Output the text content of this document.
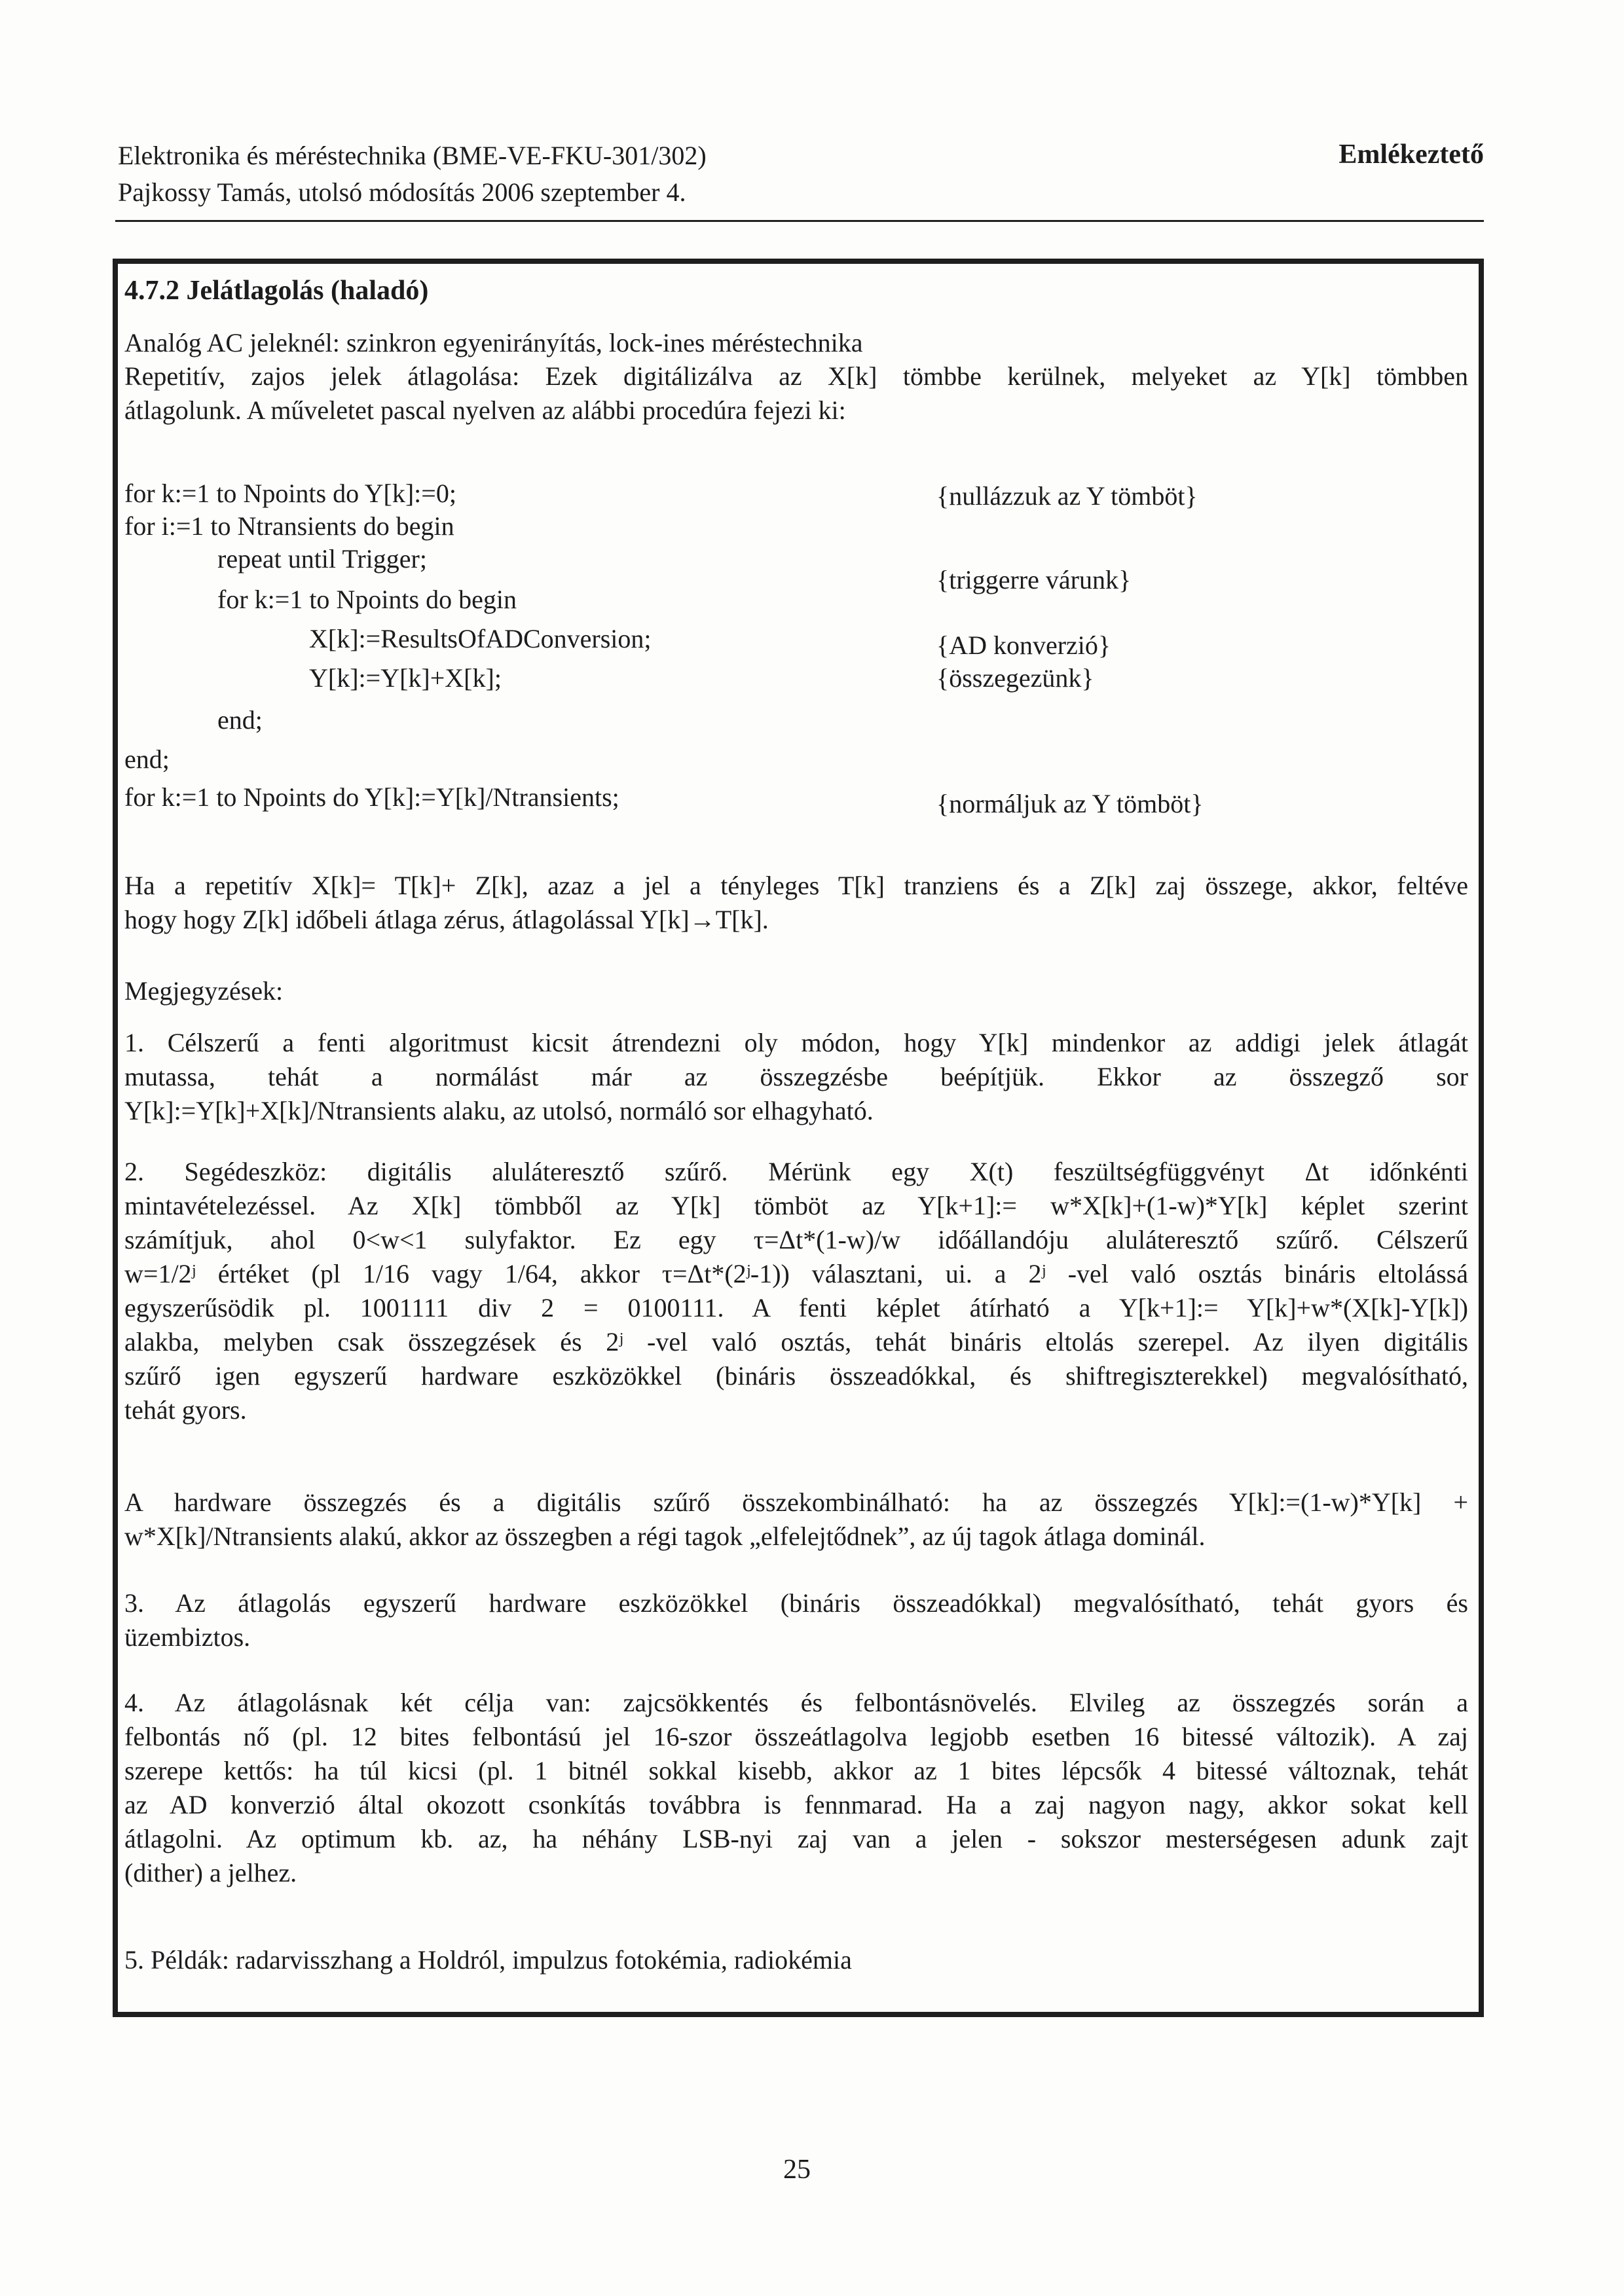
Elektronika és méréstechnika (BME-VE-FKU-301/302)
Pajkossy Tamás, utolsó módosítás 2006 szeptember 4.
Emlékeztető
4.7.2 Jelátlagolás (haladó)
Analóg AC jeleknél: szinkron egyenirányítás, lock-ines méréstechnika
Repetitív, zajos jelek átlagolása: Ezek digitálizálva az X[k] tömbbe kerülnek, melyeket az Y[k] tömbben
átlagolunk. A műveletet pascal nyelven az alábbi procedúra fejezi ki:
for k:=1 to Npoints do Y[k]:=0;	{nullázzuk az Y tömböt}
for i:=1 to Ntransients do begin
repeat until Trigger;
{triggerre várunk}
for k:=1 to Npoints do begin
X[k]:=ResultsOfADConversion;	{AD konverzió}
Y[k]:=Y[k]+X[k];	{összegezünk}
end;
end;
for k:=1 to Npoints do Y[k]:=Y[k]/Ntransients;	{normáljuk az Y tömböt}
Ha a repetitív X[k]= T[k]+ Z[k], azaz a jel a tényleges T[k] tranziens és a Z[k] zaj összege, akkor, feltéve
hogy hogy Z[k] időbeli átlaga zérus, átlagolással Y[k]→T[k].
Megjegyzések:
1. Célszerű a fenti algoritmust kicsit átrendezni oly módon, hogy Y[k] mindenkor az addigi jelek átlagát
mutassa, tehát a normálást már az összegzésbe beépítjük. Ekkor az összegző sor
Y[k]:=Y[k]+X[k]/Ntransients alaku, az utolsó, normáló sor elhagyható.
2. Segédeszköz: digitális aluláteresztő szűrő. Mérünk egy X(t) feszültségfüggvényt Δt időnkénti
mintavételezéssel. Az X[k] tömbből az Y[k] tömböt az Y[k+1]:= w*X[k]+(1-w)*Y[k] képlet szerint
számítjuk, ahol 0<w<1 sulyfaktor. Ez egy τ=Δt*(1-w)/w időállandóju aluláteresztő szűrő. Célszerű
w=1/2ʲ értéket (pl 1/16 vagy 1/64, akkor τ=Δt*(2ʲ-1)) választani, ui. a 2ʲ -vel való osztás bináris eltolássá
egyszerűsödik pl. 1001111 div 2 = 0100111. A fenti képlet átírható a Y[k+1]:= Y[k]+w*(X[k]-Y[k])
alakba, melyben csak összegzések és 2ʲ -vel való osztás, tehát bináris eltolás szerepel. Az ilyen digitális
szűrő igen egyszerű hardware eszközökkel (bináris összeadókkal, és shiftregiszterekkel) megvalósítható,
tehát gyors.
A hardware összegzés és a digitális szűrő összekombinálható: ha az összegzés Y[k]:=(1-w)*Y[k] +
w*X[k]/Ntransients alakú, akkor az összegben a régi tagok „elfelejtődnek”, az új tagok átlaga dominál.
3. Az átlagolás egyszerű hardware eszközökkel (bináris összeadókkal) megvalósítható, tehát gyors és
üzembiztos.
4. Az átlagolásnak két célja van: zajcsökkentés és felbontásnövelés. Elvileg az összegzés során a
felbontás nő (pl. 12 bites felbontású jel 16-szor összeátlagolva legjobb esetben 16 bitessé változik). A zaj
szerepe kettős: ha túl kicsi (pl. 1 bitnél sokkal kisebb, akkor az 1 bites lépcsők 4 bitessé változnak, tehát
az AD konverzió által okozott csonkítás továbbra is fennmarad. Ha a zaj nagyon nagy, akkor sokat kell
átlagolni. Az optimum kb. az, ha néhány LSB-nyi zaj van a jelen - sokszor mesterségesen adunk zajt
(dither) a jelhez.
5. Példák: radarvisszhang a Holdról, impulzus fotokémia, radiokémia
25
